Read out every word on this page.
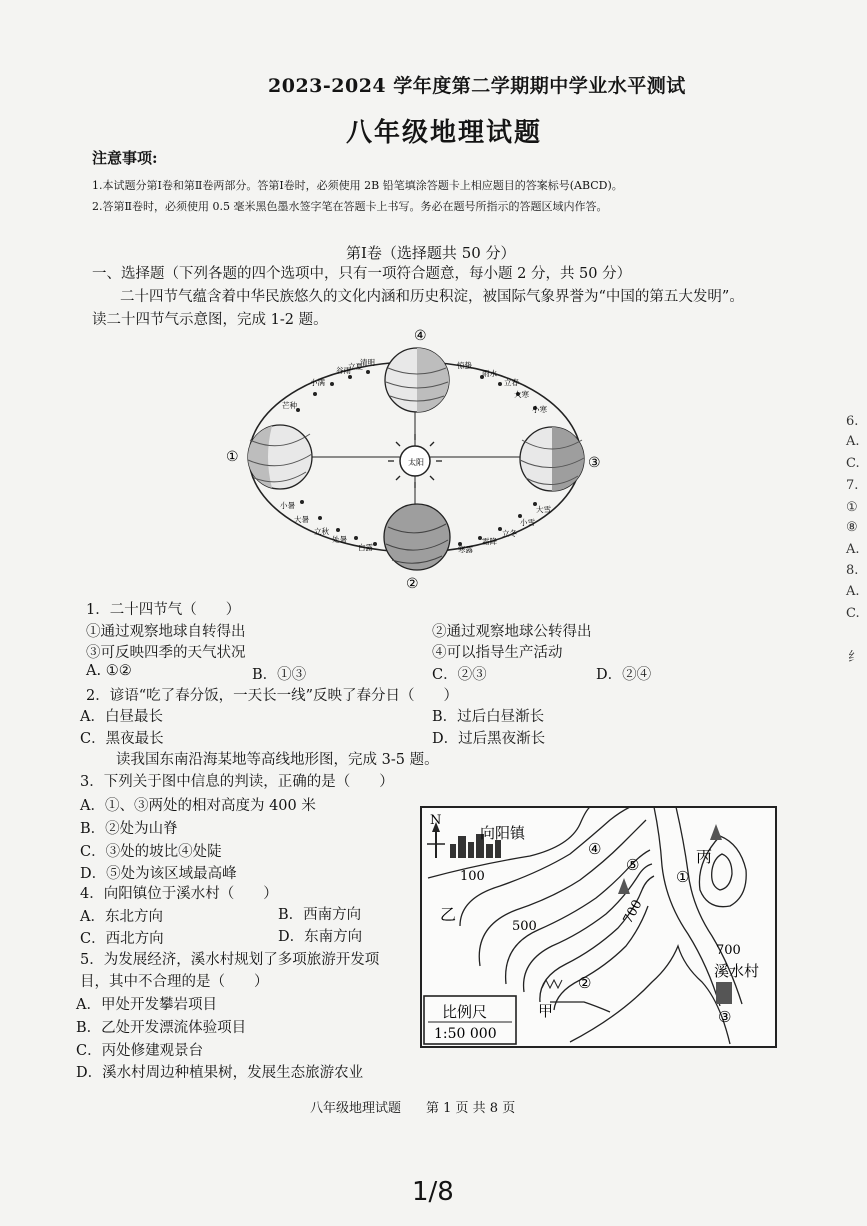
2023-2024 学年度第二学期期中学业水平测试
八年级地理试题
注意事项:
1.本试题分第Ⅰ卷和第Ⅱ卷两部分。答第Ⅰ卷时，必须使用 2B 铅笔填涂答题卡上相应题目的答案标号(ABCD)。
2.答第Ⅱ卷时，必须使用 0.5 毫米黑色墨水签字笔在答题卡上书写。务必在题号所指示的答题区域内作答。
第Ⅰ卷（选择题共 50 分）
一、选择题（下列各题的四个选项中，只有一项符合题意，每小题 2 分，共 50 分）
二十四节气蕴含着中华民族悠久的文化内涵和历史积淀，被国际气象界誉为“中国的第五大发明”。
读二十四节气示意图，完成 1-2 题。
太阳
①
②
③
④
立夏
谷雨
清明
小满
芒种
惊蛰
雨水
立春
大寒
小寒
大雪
小雪
立冬
霜降
寒露
小暑
大暑
立秋
处暑
白露
1．二十四节气（　　）
①通过观察地球自转得出	②通过观察地球公转得出
③可反映四季的天气状况	④可以指导生产活动
A. ①②	B．①③	C．②③	D．②④
2．谚语“吃了春分饭，一天长一线”反映了春分日（　　）
A．白昼最长	B．过后白昼渐长
C．黑夜最长	D．过后黑夜渐长
读我国东南沿海某地等高线地形图，完成 3-5 题。
3．下列关于图中信息的判读，正确的是（　　）
A．①、③两处的相对高度为 400 米
B．②处为山脊
C．③处的坡比④处陡
D．⑤处为该区域最高峰
4．向阳镇位于溪水村（　　）
A．东北方向	B．西南方向
C．西北方向	D．东南方向
5．为发展经济，溪水村规划了多项旅游开发项
目，其中不合理的是（　　）
A．甲处开发攀岩项目
B．乙处开发漂流体验项目
C．丙处修建观景台
D．溪水村周边种植果树，发展生态旅游农业
N
向阳镇
溪水村
100
500
700
700
乙
甲
丙
④
⑤
①
②
③
比例尺
1:50 000
八年级地理试题 第 1 页 共 8 页
1/8
6.
A.
C.
7.
①
⑧
A.
8.
A.
C.
纟
